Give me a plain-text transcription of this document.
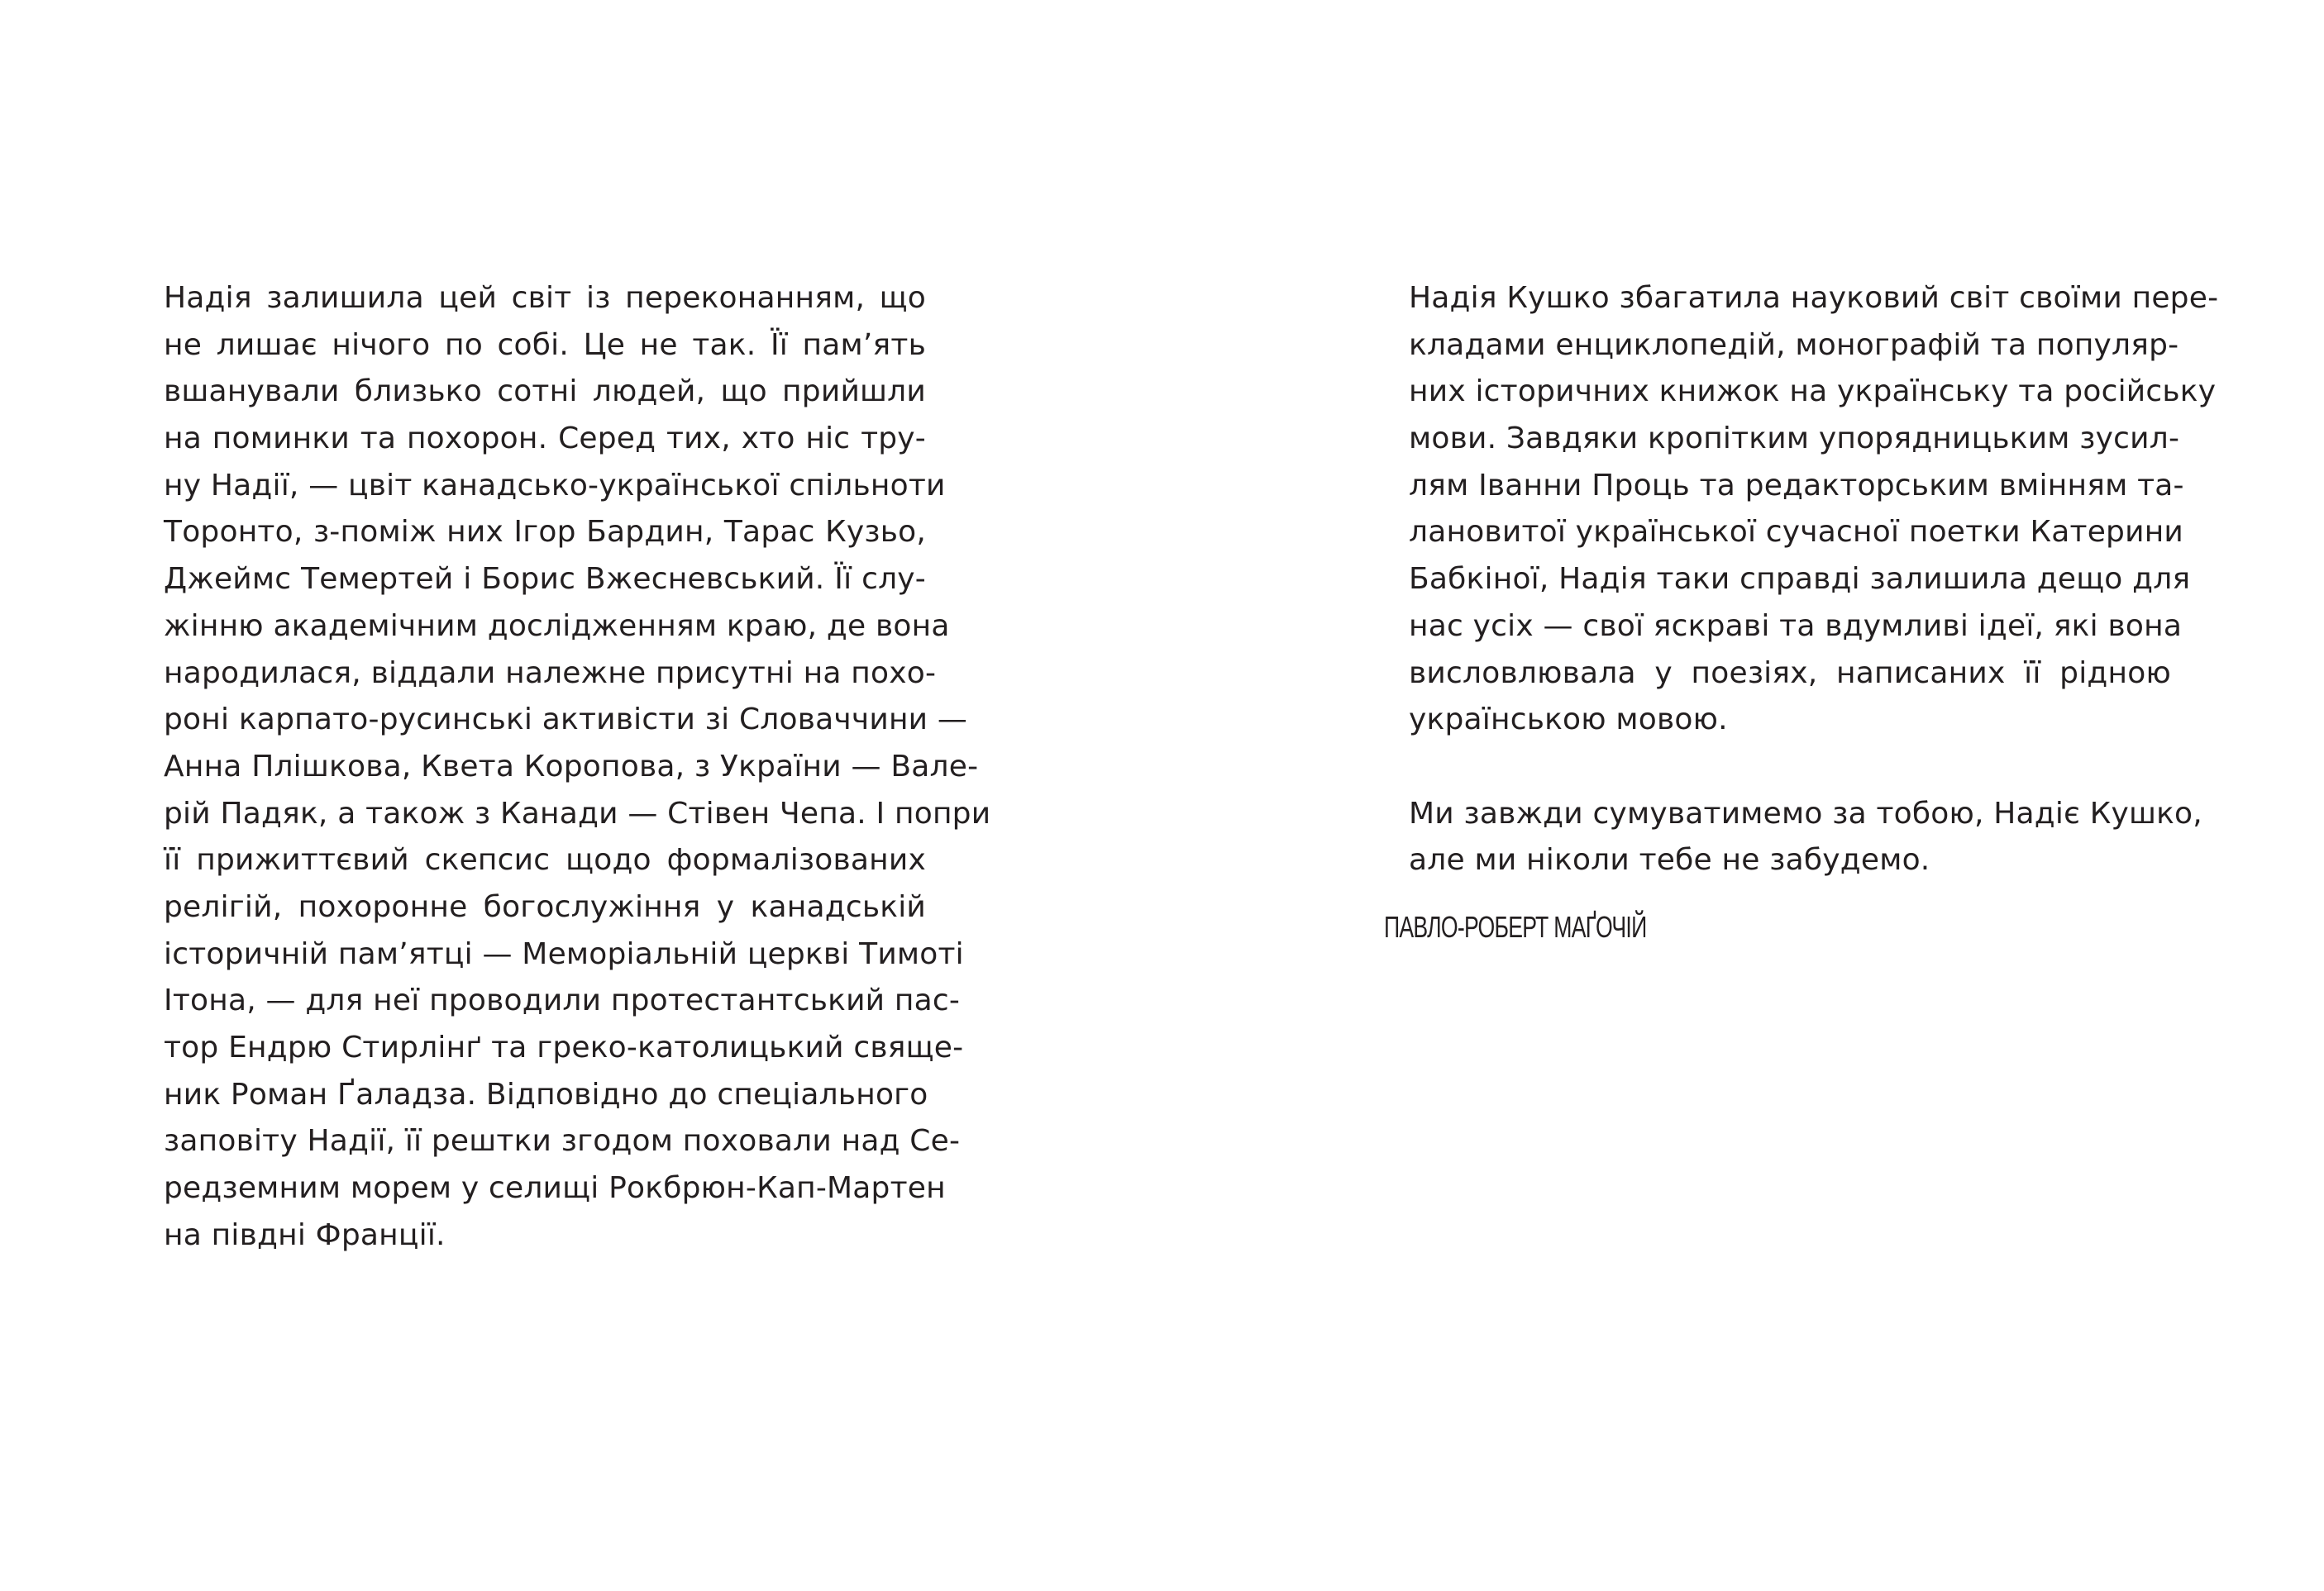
Надія залишила цей світ із переконанням, що
не лишає нічого по собі. Це не так. Її пам’ять
вшанували близько сотні людей, що прийшли
на поминки та похорон. Серед тих, хто ніс тру-
ну Надії, — цвіт канадсько-української спільноти
Торонто, з-поміж них Ігор Бардин, Тарас Кузьо,
Джеймс Темертей і Борис Вжесневський. Її слу-
жінню академічним дослідженням краю, де вона
народилася, віддали належне присутні на похо-
роні карпато-русинські активісти зі Словаччини —
Анна Плішкова, Квета Коропова, з України — Вале-
рій Падяк, а також з Канади — Стівен Чепа. І попри
її прижиттєвий скепсис щодо формалізованих
релігій, похоронне богослужіння у канадській
історичній пам’ятці — Меморіальній церкві Тимоті
Ітона, — для неї проводили протестантський пас-
тор Ендрю Стирлінґ та греко-католицький свяще-
ник Роман Ґаладза. Відповідно до спеціального
заповіту Надії, її рештки згодом поховали над Се-
редземним морем у селищі Рокбрюн-Кап-Мартен
на півдні Франції.
Надія Кушко збагатила науковий світ своїми пере-
кладами енциклопедій, монографій та популяр-
них історичних книжок на українську та російську
мови. Завдяки кропітким упорядницьким зусил-
лям Іванни Проць та редакторським вмінням та-
лановитої української сучасної поетки Катерини
Бабкіної, Надія таки справді залишила дещо для
нас усіх — свої яскраві та вдумливі ідеї, які вона
висловлювала у поезіях, написаних її рідною
українською мовою.
Ми завжди сумуватимемо за тобою, Надіє Кушко,
але ми ніколи тебе не забудемо.
ПАВЛО-РОБЕРТ МАҐОЧІЙ
